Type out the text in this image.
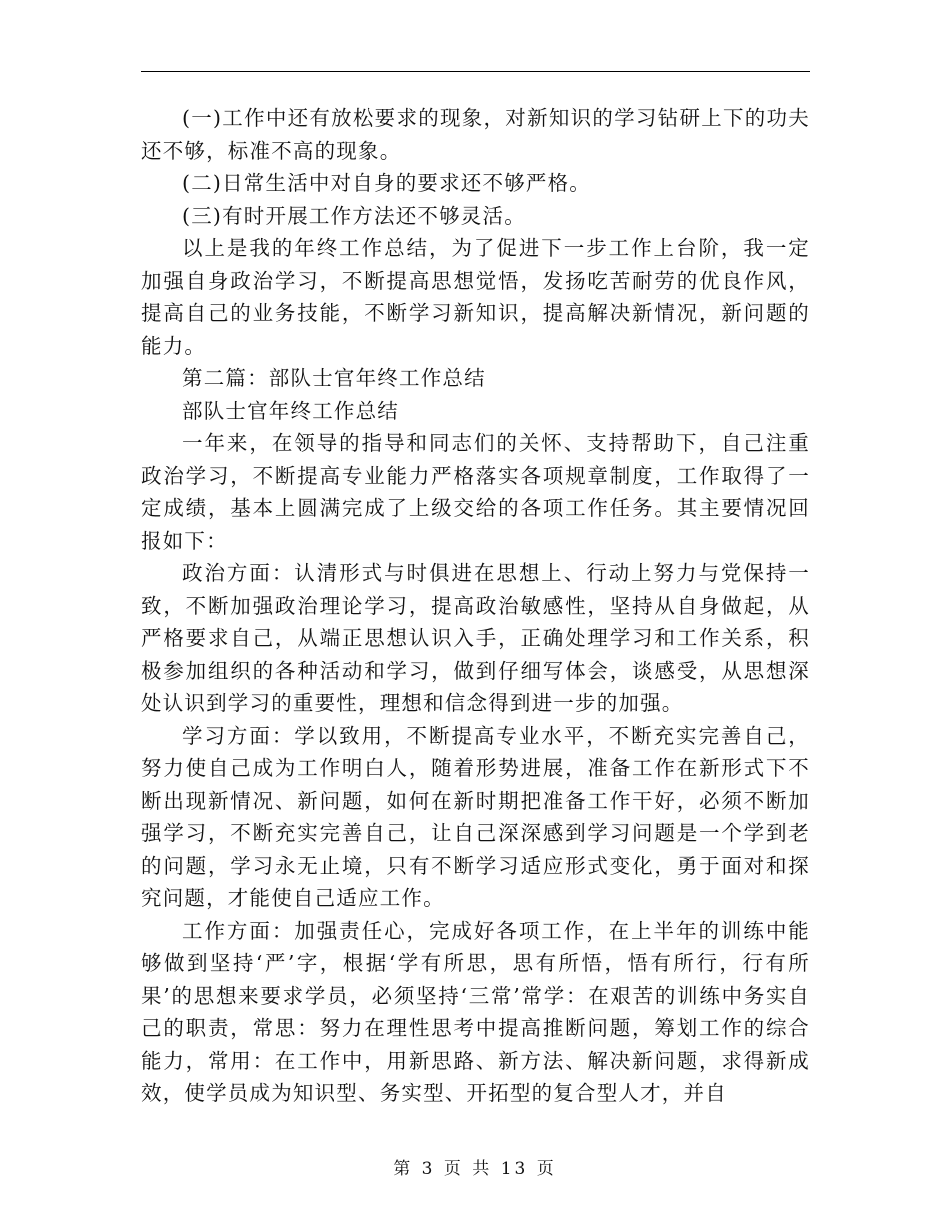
(一)工作中还有放松要求的现象，对新知识的学习钻研上下的功夫还不够，标准不高的现象。

(二)日常生活中对自身的要求还不够严格。

(三)有时开展工作方法还不够灵活。

以上是我的年终工作总结，为了促进下一步工作上台阶，我一定加强自身政治学习，不断提高思想觉悟，发扬吃苦耐劳的优良作风，提高自己的业务技能，不断学习新知识，提高解决新情况，新问题的能力。

第二篇：部队士官年终工作总结

部队士官年终工作总结

一年来，在领导的指导和同志们的关怀、支持帮助下，自己注重政治学习，不断提高专业能力严格落实各项规章制度，工作取得了一定成绩，基本上圆满完成了上级交给的各项工作任务。其主要情况回报如下：

政治方面：认清形式与时俱进在思想上、行动上努力与党保持一致，不断加强政治理论学习，提高政治敏感性，坚持从自身做起，从严格要求自己，从端正思想认识入手，正确处理学习和工作关系，积极参加组织的各种活动和学习，做到仔细写体会，谈感受，从思想深处认识到学习的重要性，理想和信念得到进一步的加强。

学习方面：学以致用，不断提高专业水平，不断充实完善自己，努力使自己成为工作明白人，随着形势进展，准备工作在新形式下不断出现新情况、新问题，如何在新时期把准备工作干好，必须不断加强学习，不断充实完善自己，让自己深深感到学习问题是一个学到老的问题，学习永无止境，只有不断学习适应形式变化，勇于面对和探究问题，才能使自己适应工作。

工作方面：加强责任心，完成好各项工作，在上半年的训练中能够做到坚持‘严’字，根据‘学有所思，思有所悟，悟有所行，行有所果’的思想来要求学员，必须坚持‘三常’常学：在艰苦的训练中务实自己的职责，常思：努力在理性思考中提高推断问题，筹划工作的综合能力，常用：在工作中，用新思路、新方法、解决新问题，求得新成效，使学员成为知识型、务实型、开拓型的复合型人才，并自

第 3 页 共 13 页
